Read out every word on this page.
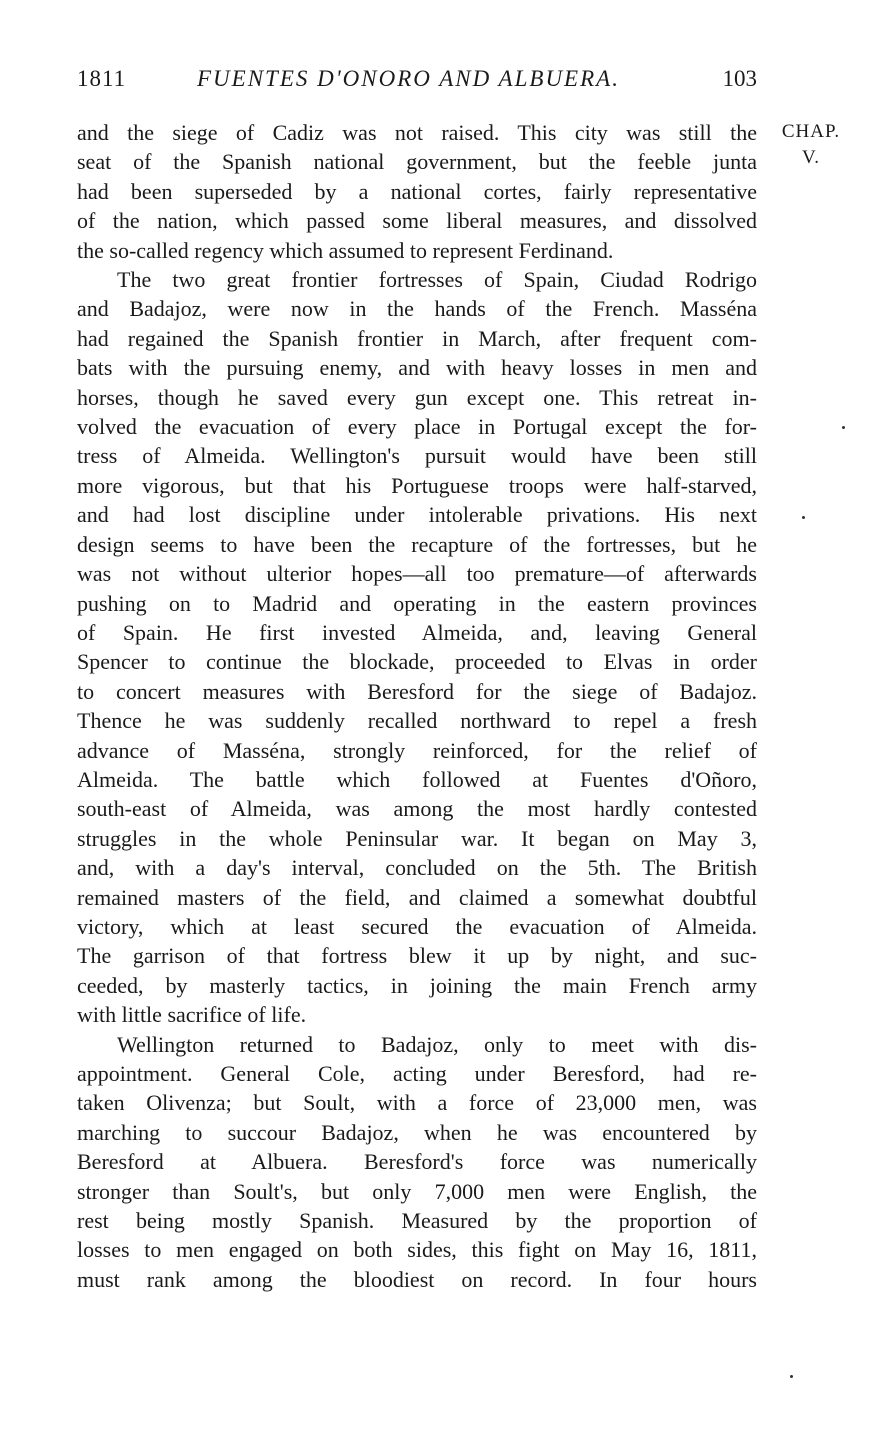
1811	FUENTES D'ONORO AND ALBUERA.	103
CHAP.
V.
and the siege of Cadiz was not raised. This city was still the
seat of the Spanish national government, but the feeble junta
had been superseded by a national cortes, fairly representative
of the nation, which passed some liberal measures, and dissolved
the so-called regency which assumed to represent Ferdinand.
The two great frontier fortresses of Spain, Ciudad Rodrigo
and Badajoz, were now in the hands of the French. Masséna
had regained the Spanish frontier in March, after frequent com-
bats with the pursuing enemy, and with heavy losses in men and
horses, though he saved every gun except one. This retreat in-
volved the evacuation of every place in Portugal except the for-
tress of Almeida. Wellington's pursuit would have been still
more vigorous, but that his Portuguese troops were half-starved,
and had lost discipline under intolerable privations. His next
design seems to have been the recapture of the fortresses, but he
was not without ulterior hopes—all too premature—of afterwards
pushing on to Madrid and operating in the eastern provinces
of Spain. He first invested Almeida, and, leaving General
Spencer to continue the blockade, proceeded to Elvas in order
to concert measures with Beresford for the siege of Badajoz.
Thence he was suddenly recalled northward to repel a fresh
advance of Masséna, strongly reinforced, for the relief of
Almeida. The battle which followed at Fuentes d'Oñoro,
south-east of Almeida, was among the most hardly contested
struggles in the whole Peninsular war. It began on May 3,
and, with a day's interval, concluded on the 5th. The British
remained masters of the field, and claimed a somewhat doubtful
victory, which at least secured the evacuation of Almeida.
The garrison of that fortress blew it up by night, and suc-
ceeded, by masterly tactics, in joining the main French army
with little sacrifice of life.
Wellington returned to Badajoz, only to meet with dis-
appointment. General Cole, acting under Beresford, had re-
taken Olivenza; but Soult, with a force of 23,000 men, was
marching to succour Badajoz, when he was encountered by
Beresford at Albuera. Beresford's force was numerically
stronger than Soult's, but only 7,000 men were English, the
rest being mostly Spanish. Measured by the proportion of
losses to men engaged on both sides, this fight on May 16, 1811,
must rank among the bloodiest on record. In four hours
